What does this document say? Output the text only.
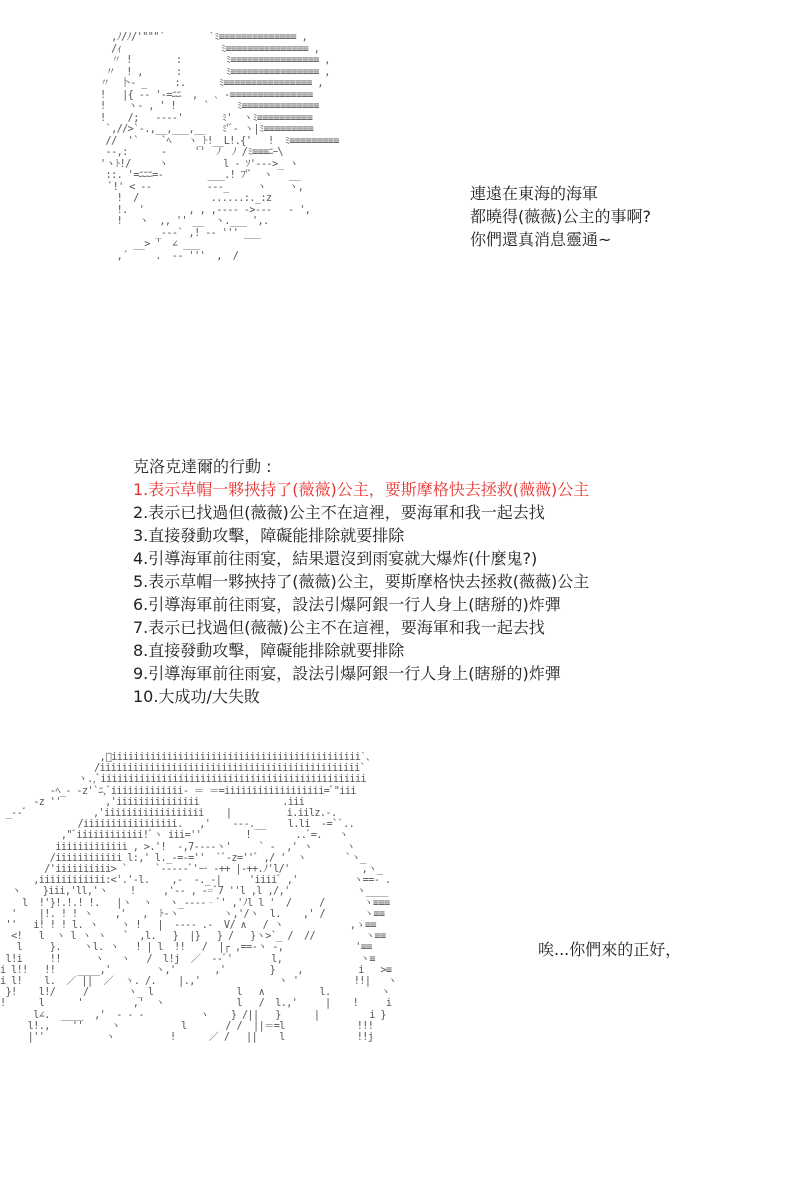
,ﾉ/ﾉ/'"""´        `ﾐ≡≡≡≡≡≡≡≡≡≡≡≡≡≡ ,
/ｨ                  ﾐ≡≡≡≡≡≡≡≡≡≡≡≡≡≡≡ ,
〃 !        :        ﾐ≡≡≡≡≡≡≡≡≡≡≡≡≡≡≡≡ ,
〃  ! ,      :        ﾐ≡≡≡≡≡≡≡≡≡≡≡≡≡≡≡≡ ,
〃  卜- _     :.      ﾐ≡≡≡≡≡≡≡≡≡≡≡≡≡≡≡≡ ,
!   |{ -- '-=ﾆﾆ  ,   ､ -≡≡≡≡≡≡≡≡≡≡≡≡≡≡≡
!    ヽ- , ' !     `     ﾐ≡≡≡≡≡≡≡≡≡≡≡≡≡≡
!    /;   ----'       ﾐ'  ヽﾐ≡≡≡≡≡≡≡≡≡≡
`,//>`-.,__,___,__   ﾐ'ﾞ- ヽ|ﾐ≡≡≡≡≡≡≡≡≡
//  '`    `ﾍ   ヽ_ﾄ!__L!.{'   !  ﾐ≡≡≡≡≡≡≡≡≡
--,:      -     ''  ﾉ  ﾉ /ﾐ≡≡≡ﾆｰ\
'ヽﾄ!/     ヽ          l - ｿ'‐-->_ ヽ
::. '=ﾆﾆﾆ=-        ___.! ﾌ'ﾞ  ヽ   __
ﾞ!' < --          ---_     ヽ    ヽ,
!  /             ......:._:z
!.  '        , , ,--‐‐ ‐>---   ‐ ',
!   ヽ  ,, '' __  ヽ.___ ',.
_-‐-` ,! -- ''' ___
__> '  ∠ ___
,´     .  -- '''  ,  /
連遠在東海的海軍
都曉得(薇薇)公主的事啊?
你們還真消息靈通~
克洛克達爾的行動 :
1.表示草帽一夥挾持了(薇薇)公主，要斯摩格快去拯救(薇薇)公主
2.表示已找過但(薇薇)公主不在這裡，要海軍和我一起去找
3.直接發動攻擊，障礙能排除就要排除
4.引導海軍前往雨宴，結果還沒到雨宴就大爆炸(什麼鬼?)
5.表示草帽一夥挾持了(薇薇)公主，要斯摩格快去拯救(薇薇)公主
6.引導海軍前往雨宴，設法引爆阿銀一行人身上(瞎掰的)炸彈
7.表示已找過但(薇薇)公主不在這裡，要海軍和我一起去找
8.直接發動攻擊，障礙能排除就要排除
9.引導海軍前往雨宴，設法引爆阿銀一行人身上(瞎掰的)炸彈
10.大成功/大失敗
,ﾞiiiiiiiiiiiiiiiiiiiiiiiiiiiiiiiiiiiiiiiiiiiii`、
/iiiiiiiiiiiiiiiiiiiiiiiiiiiiiiiiiiiiiiiiiiiiiii`
ヽ.,ﾞiiiiiiiiiiiiiiiiiiiiiiiiiiiiiiiiiiiiiiiiiiiiiiii
‐ﾍ_‐ ‐z'`ﾆ,ﾞiiiiiiiiiiiii‐ ＝ ＝=iiiiiiiiiiiiiiiiii=ﾞ"iii
‐z ''        ,'iiiiiiiiiiiiiii               .iii
_-‐ﾞ            ,'iiiiiiiiiiiiiiiiii    |          i.iilz.‐.
/iiiiiiiiiiiiiiiii.   ,'    ‐‐‐.__    l.li  ‐=``..
,"ﾞiiiiiiiiiiii!ﾞヽ iii=''        !        ..ﾞ=.   ヽ
iiiiiiiiiiiii , >.'!  ‐,7‐‐‐‐ヽ'     ` ‐  ,' ヽ      ヽ
/iiiiiiiiiiii l:,' l._‐=‐=''  `ﾞ‐z=''ﾞ ,/ '  ヽ       `ヽ_
/'iiiiiiiiii> `     `‐-‐‐-ﾞ'ー ‐++ |‐++.ﾉ'l/'             ,ヽ_
,iiiiiiiiiiii:<'.'-l.    ,-  -._-|     'iiiiﾞ ,'          ヽ==‐ .
ヽ    }iii,'ll,'ヽ    !     ,'‐‐ , ‐=ﾞ7 ''l ,l ,/,'            ヽ____
l  !'}!.!.! !.   |ヽ  ヽ   ヽ_‐‐‐‐‐ﾞ' ,'ﾉl l '  /     /       ヽ≡≡≡
'    |!. ! ! ヽ    ,'   ,  ﾄ-ヽ        ヽ,'/ヽ  l.    ,' /       ヽ≡≡
''   i! ! ! l. ヽ    ヽ !   |  ‐‐‐‐ .‐  V/ ∧   / ヽ            ,ゝ≡≡
<!   l  ヽ l ヽ ヽ   `  ,l.   }  |}   } /   }ヽ>`_ /  //         ヽ≡≡
l     }.    ヽl. ヽ   ! | l  !!   /  |┌ ,==-ヽ ‐,             '≡≡
l!i     !!      ヽ   ヽ   /  l!j  ／  --ﾞ'       l,              ヽ≡
i l!!   !!    ____,'        ヽ,'       ,'        }    ,          i   >≡
i l!    l.  ／ ||  ／  ヽ. /.    |.,'              ヽ '          !!|   ヽ
}!    l!/     /       ヽ_ l               l   ∧          l.         ヽ
!      l      '         ,'  ヽ             l   /  l.,'     |    !     i
l∠.  ____  ,'  ‐ ‐ ‐          ヽ    } /||   }      |         i }
l!.,    ''     ヽ           l       / /  ||＝=l             !!!
|''           ヽ          !      ／ /   ||    l             !!j
唉...你們來的正好，
